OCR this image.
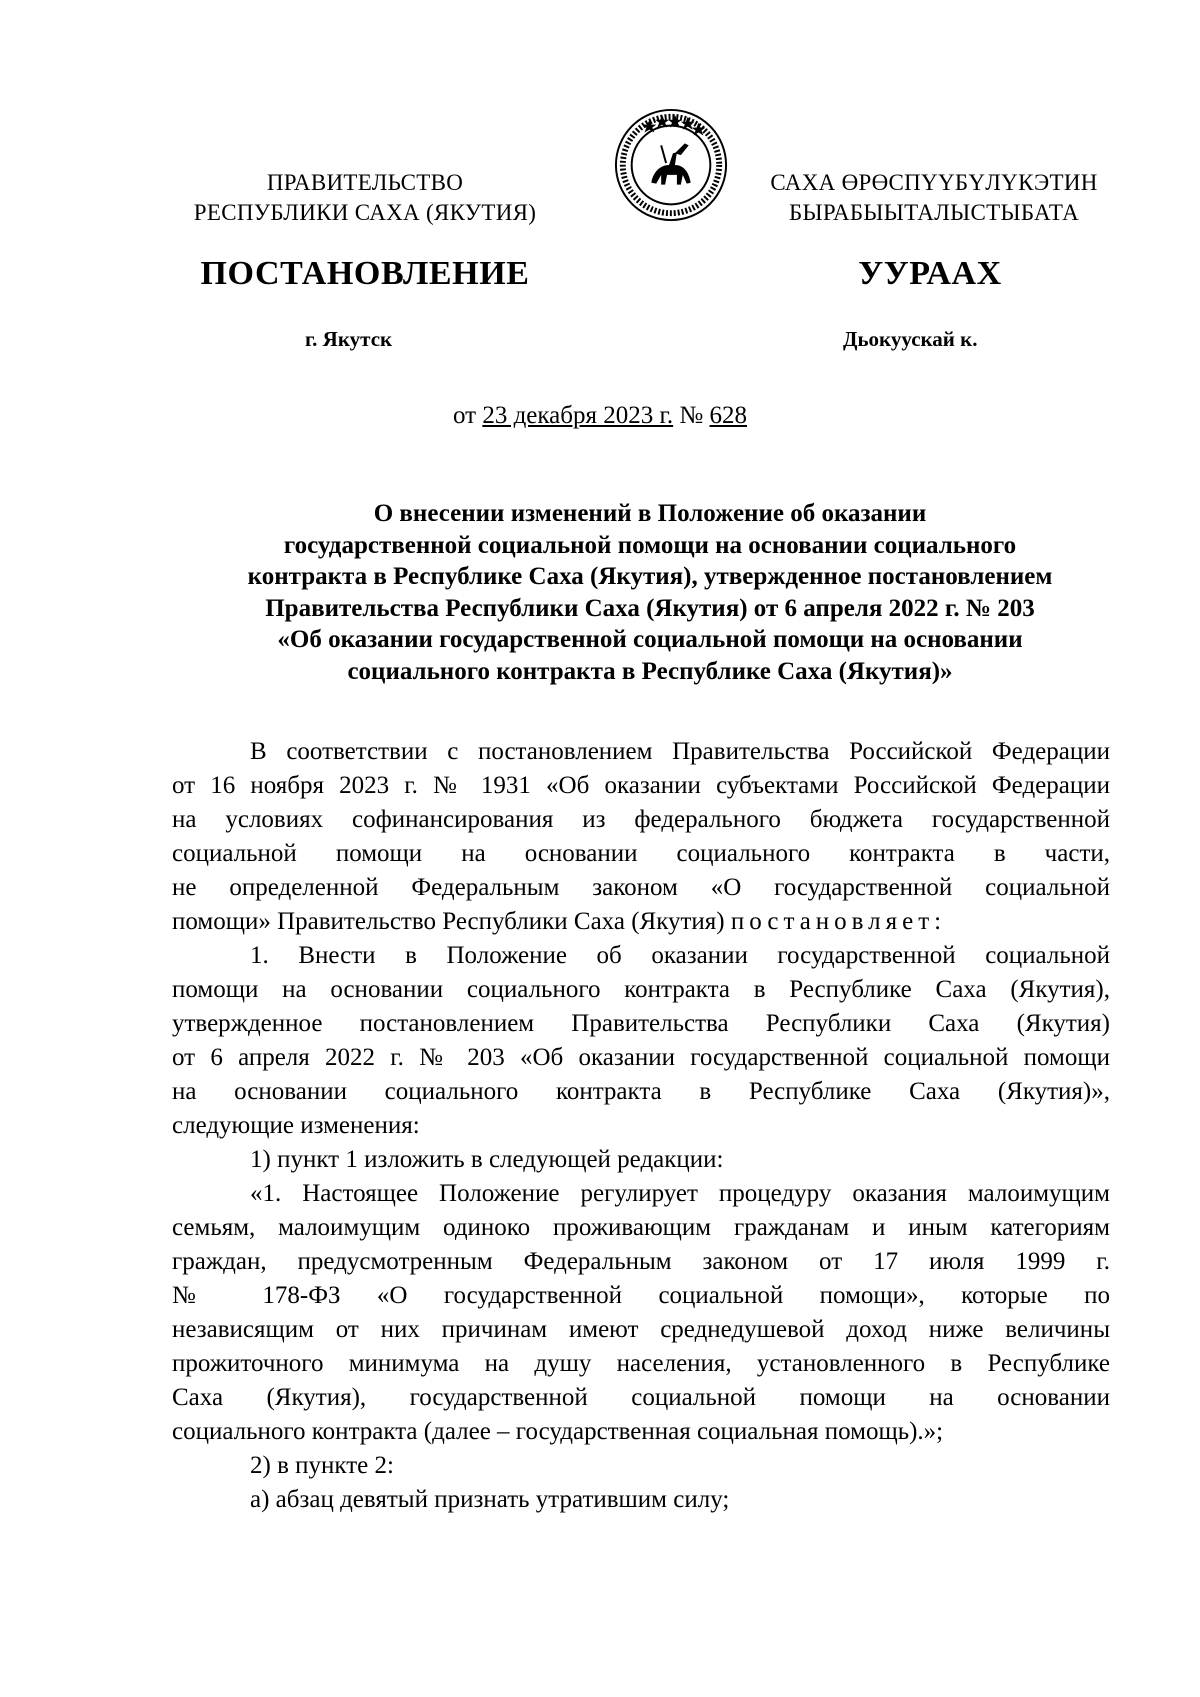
ПРАВИТЕЛЬСТВО
РЕСПУБЛИКИ САХА (ЯКУТИЯ)
САХА ӨРӨСПҮҮБҮЛҮКЭТИН
БЫРАБЫЫТАЛЫСТЫБАТА
ПОСТАНОВЛЕНИЕ	УУРААХ
г. Якутск	Дьокуускай к.
от 23 декабря 2023 г. № 628
О внесении изменений в Положение об оказании
государственной социальной помощи на основании социального
контракта в Республике Саха (Якутия), утвержденное постановлением
Правительства Республики Саха (Якутия) от 6 апреля 2022 г. № 203
«Об оказании государственной социальной помощи на основании
социального контракта в Республике Саха (Якутия)»
В соответствии с постановлением Правительства Российской Федерации
от 16 ноября 2023 г. № 1931 «Об оказании субъектами Российской Федерации
на условиях софинансирования из федерального бюджета государственной
социальной помощи на основании социального контракта в части,
не определенной Федеральным законом «О государственной социальной
помощи» Правительство Республики Саха (Якутия) постановляет:
1. Внести в Положение об оказании государственной социальной
помощи на основании социального контракта в Республике Саха (Якутия),
утвержденное постановлением Правительства Республики Саха (Якутия)
от 6 апреля 2022 г. № 203 «Об оказании государственной социальной помощи
на основании социального контракта в Республике Саха (Якутия)»,
следующие изменения:
1) пункт 1 изложить в следующей редакции:
«1. Настоящее Положение регулирует процедуру оказания малоимущим
семьям, малоимущим одиноко проживающим гражданам и иным категориям
граждан, предусмотренным Федеральным законом от 17 июля 1999 г.
№ 178-ФЗ «О государственной социальной помощи», которые по
независящим от них причинам имеют среднедушевой доход ниже величины
прожиточного минимума на душу населения, установленного в Республике
Саха (Якутия), государственной социальной помощи на основании
социального контракта (далее – государственная социальная помощь).»;
2) в пункте 2:
а) абзац девятый признать утратившим силу;
